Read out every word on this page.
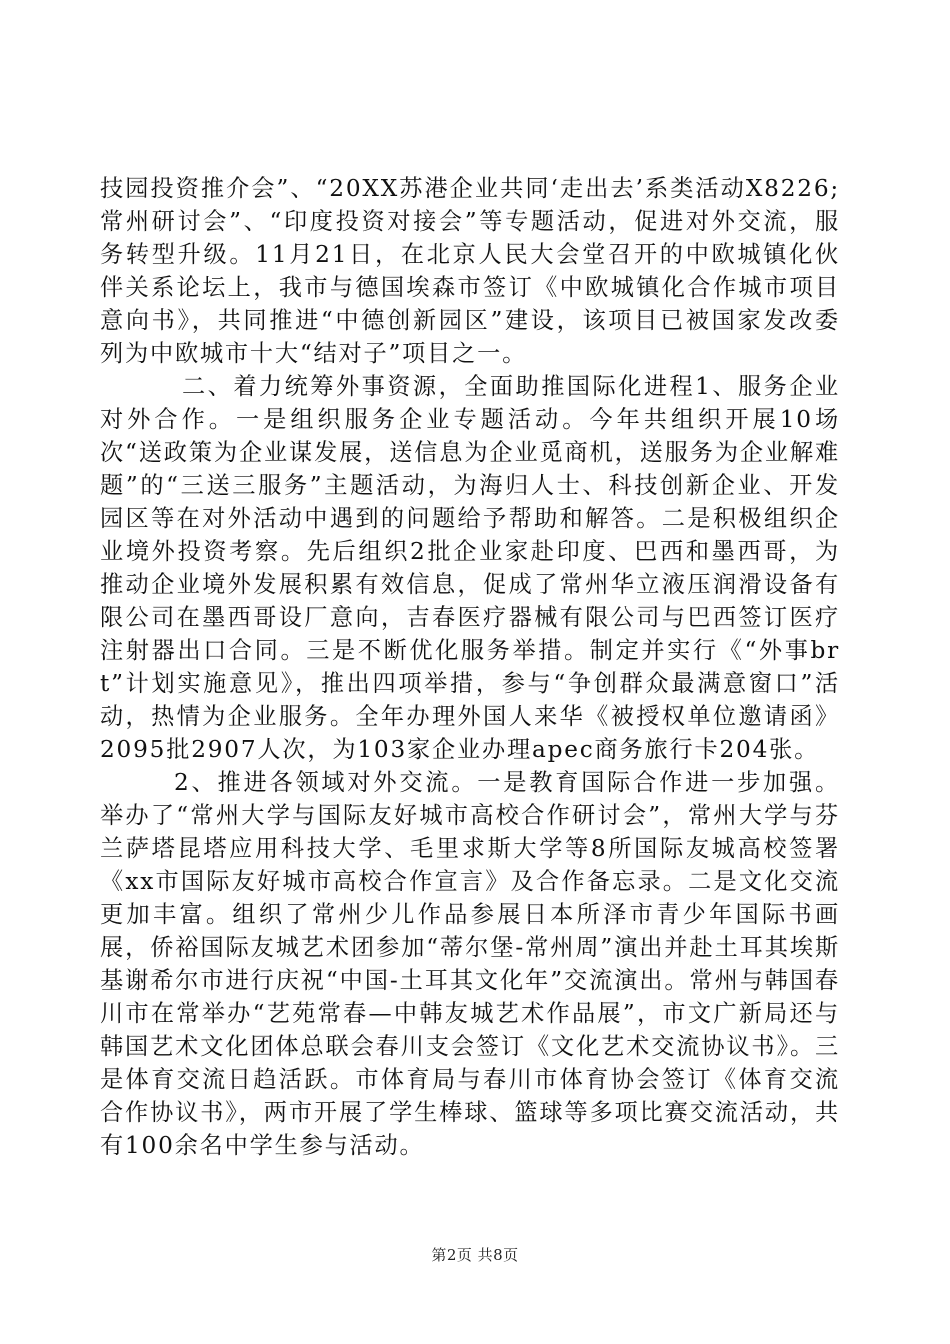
技园投资推介会”、“20XX苏港企业共同‘走出去’系类活动X8226;常州研讨会”、“印度投资对接会”等专题活动，促进对外交流，服务转型升级。11月21日，在北京人民大会堂召开的中欧城镇化伙伴关系论坛上，我市与德国埃森市签订《中欧城镇化合作城市项目意向书》，共同推进“中德创新园区”建设，该项目已被国家发改委列为中欧城市十大“结对子”项目之一。

二、着力统筹外事资源，全面助推国际化进程1、服务企业对外合作。一是组织服务企业专题活动。今年共组织开展10场次“送政策为企业谋发展，送信息为企业觅商机，送服务为企业解难题”的“三送三服务”主题活动，为海归人士、科技创新企业、开发园区等在对外活动中遇到的问题给予帮助和解答。二是积极组织企业境外投资考察。先后组织2批企业家赴印度、巴西和墨西哥，为推动企业境外发展积累有效信息，促成了常州华立液压润滑设备有限公司在墨西哥设厂意向，吉春医疗器械有限公司与巴西签订医疗注射器出口合同。三是不断优化服务举措。制定并实行《“外事brt”计划实施意见》，推出四项举措，参与“争创群众最满意窗口”活动，热情为企业服务。全年办理外国人来华《被授权单位邀请函》2095批2907人次，为103家企业办理apec商务旅行卡204张。

2、推进各领域对外交流。一是教育国际合作进一步加强。举办了“常州大学与国际友好城市高校合作研讨会”，常州大学与芬兰萨塔昆塔应用科技大学、毛里求斯大学等8所国际友城高校签署《xx市国际友好城市高校合作宣言》及合作备忘录。二是文化交流更加丰富。组织了常州少儿作品参展日本所泽市青少年国际书画展，侨裕国际友城艺术团参加“蒂尔堡-常州周”演出并赴土耳其埃斯基谢希尔市进行庆祝“中国-土耳其文化年”交流演出。常州与韩国春川市在常举办“艺苑常春—中韩友城艺术作品展”，市文广新局还与韩国艺术文化团体总联会春川支会签订《文化艺术交流协议书》。三是体育交流日趋活跃。市体育局与春川市体育协会签订《体育交流合作协议书》，两市开展了学生棒球、篮球等多项比赛交流活动，共有100余名中学生参与活动。

第2页 共8页
